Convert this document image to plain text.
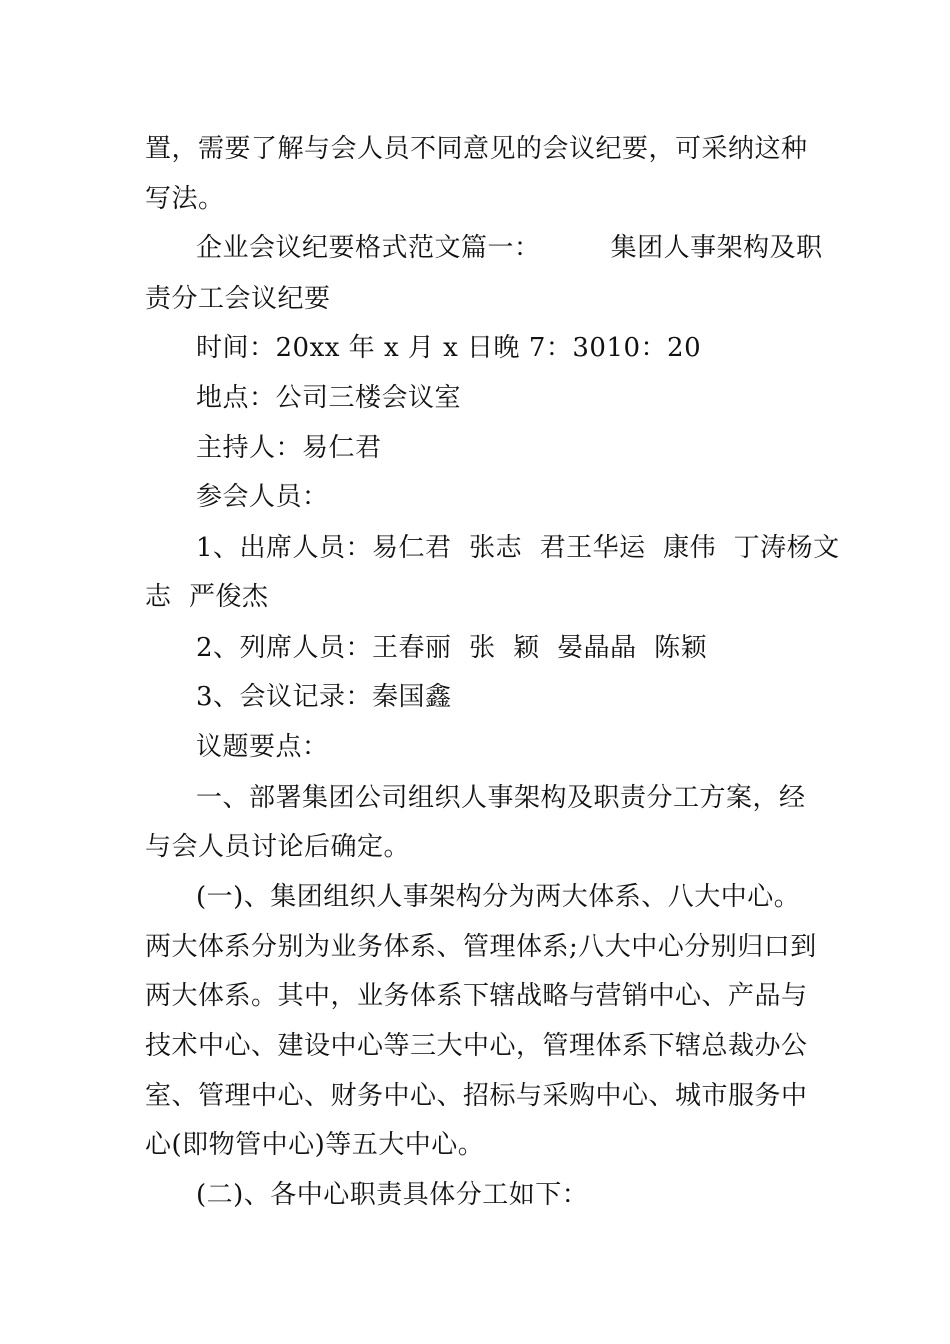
置，需要了解与会人员不同意见的会议纪要，可采纳这种
写法。
企业会议纪要格式范文篇一：        集团人事架构及职
责分工会议纪要
时间：20xx 年 x 月 x 日晚 7：3010：20
地点：公司三楼会议室
主持人：易仁君
参会人员：
1、出席人员：易仁君  张志  君王华运  康伟  丁涛杨文
志  严俊杰
2、列席人员：王春丽  张  颖  晏晶晶  陈颖
3、会议记录：秦国鑫
议题要点：
一、部署集团公司组织人事架构及职责分工方案，经
与会人员讨论后确定。
(一)、集团组织人事架构分为两大体系、八大中心。
两大体系分别为业务体系、管理体系;八大中心分别归口到
两大体系。其中，业务体系下辖战略与营销中心、产品与
技术中心、建设中心等三大中心，管理体系下辖总裁办公
室、管理中心、财务中心、招标与采购中心、城市服务中
心(即物管中心)等五大中心。
(二)、各中心职责具体分工如下：
